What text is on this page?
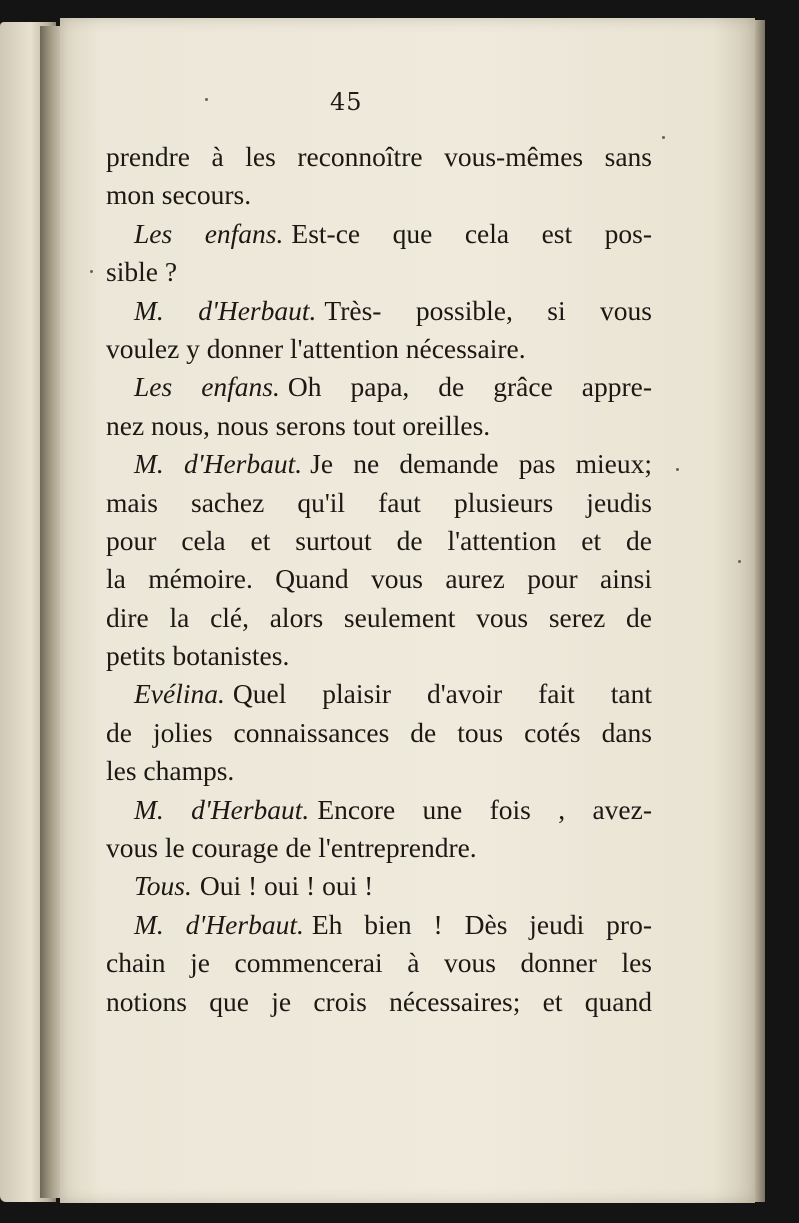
45
prendre à les reconnoître vous-mêmes sans
mon secours.
Les enfans. Est-ce que cela est pos-
sible ?
M. d'Herbaut. Très- possible, si vous
voulez y donner l'attention nécessaire.
Les enfans. Oh papa, de grâce appre-
nez nous, nous serons tout oreilles.
M. d'Herbaut. Je ne demande pas mieux;
mais sachez qu'il faut plusieurs jeudis
pour cela et surtout de l'attention et de
la mémoire. Quand vous aurez pour ainsi
dire la clé, alors seulement vous serez de
petits botanistes.
Evélina. Quel plaisir d'avoir fait tant
de jolies connaissances de tous cotés dans
les champs.
M. d'Herbaut. Encore une fois , avez-
vous le courage de l'entreprendre.
Tous. Oui ! oui ! oui !
M. d'Herbaut. Eh bien ! Dès jeudi pro-
chain je commencerai à vous donner les
notions que je crois nécessaires; et quand
